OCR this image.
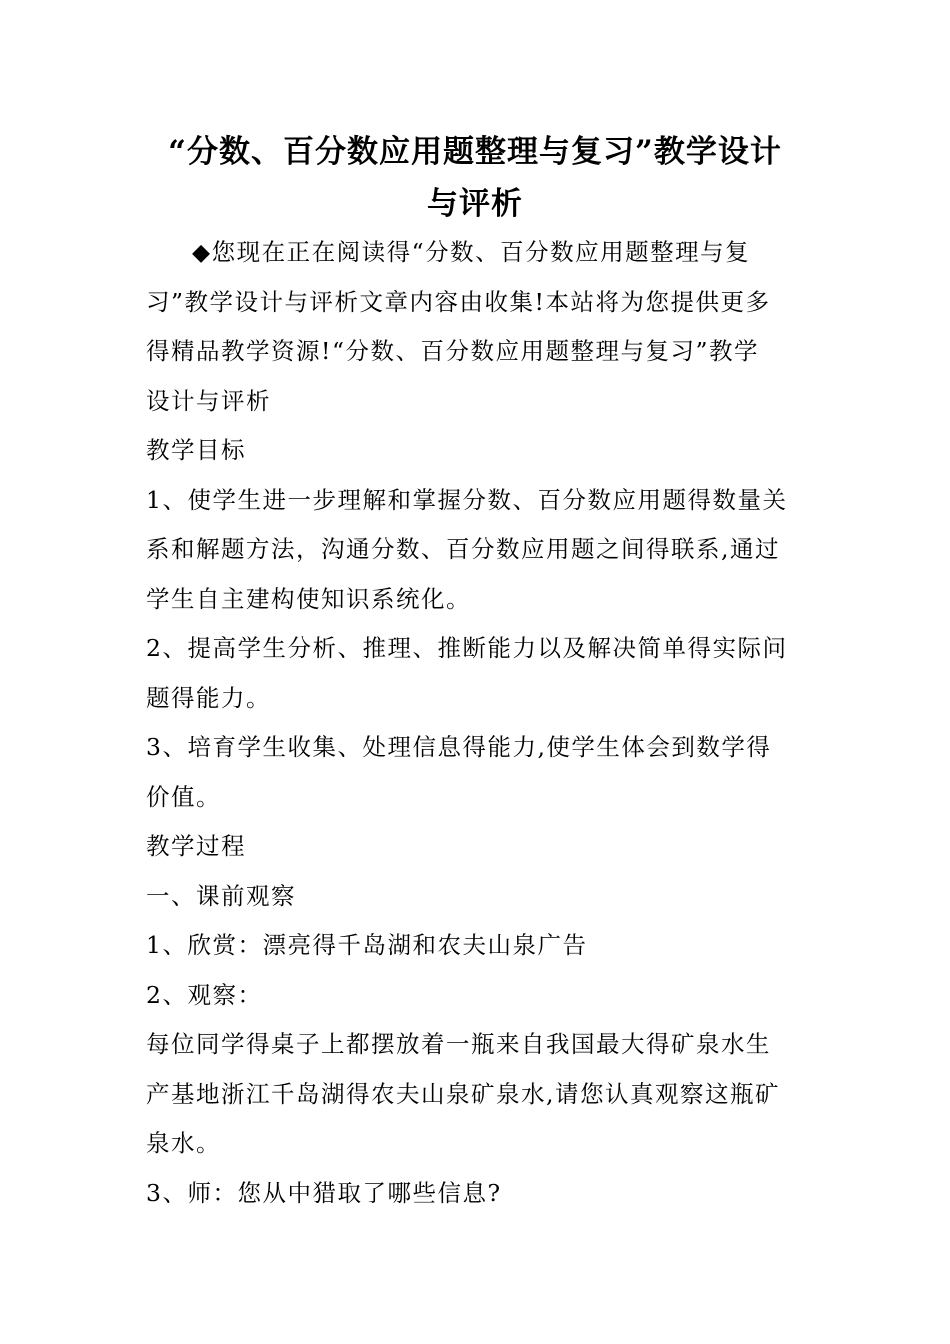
“分数、百分数应用题整理与复习”教学设计
与评析

◆您现在正在阅读得“分数、百分数应用题整理与复

习”教学设计与评析文章内容由收集!本站将为您提供更多

得精品教学资源!“分数、百分数应用题整理与复习”教学

设计与评析

教学目标

1、使学生进一步理解和掌握分数、百分数应用题得数量关

系和解题方法，沟通分数、百分数应用题之间得联系,通过

学生自主建构使知识系统化。

2、提高学生分析、推理、推断能力以及解决简单得实际问

题得能力。

3、培育学生收集、处理信息得能力,使学生体会到数学得

价值。

教学过程

一、课前观察

1、欣赏：漂亮得千岛湖和农夫山泉广告

2、观察：

每位同学得桌子上都摆放着一瓶来自我国最大得矿泉水生

产基地浙江千岛湖得农夫山泉矿泉水,请您认真观察这瓶矿

泉水。

3、师：您从中猎取了哪些信息?
